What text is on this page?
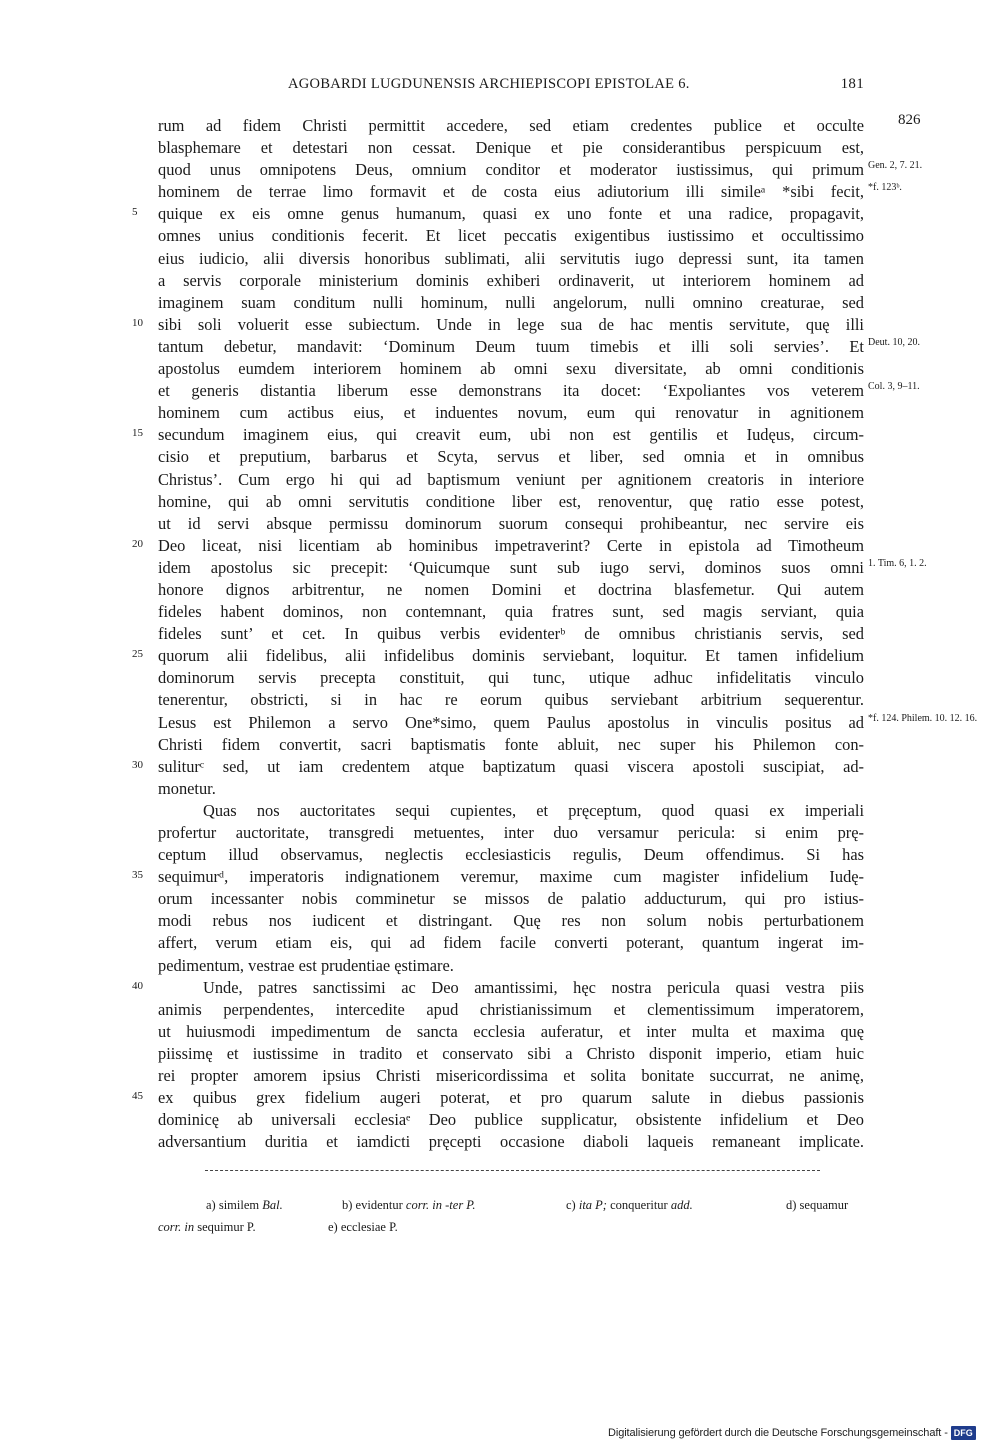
AGOBARDI LUGDUNENSIS ARCHIEPISCOPI EPISTOLAE 6.	181
rum ad fidem Christi permittit accedere, sed etiam credentes publice et occulte 826
blasphemare et detestari non cessat. Denique et pie considerantibus perspicuum est,
quod unus omnipotens Deus, omnium conditor et moderator iustissimus, qui primum Gen. 2, 7. 21.
hominem de terrae limo formavit et de costa eius adiutorium illi simileᵃ *sibi fecit, *f. 123ᵇ.
5	quique ex eis omne genus humanum, quasi ex uno fonte et una radice, propagavit,
omnes unius conditionis fecerit. Et licet peccatis exigentibus iustissimo et occultissimo
eius iudicio, alii diversis honoribus sublimati, alii servitutis iugo depressi sunt, ita tamen
a servis corporale ministerium dominis exhiberi ordinaverit, ut interiorem hominem ad
imaginem suam conditum nulli hominum, nulli angelorum, nulli omnino creaturae, sed
10 sibi soli voluerit esse subiectum. Unde in lege sua de hac mentis servitute, quę illi
tantum debetur, mandavit: ‘Dominum Deum tuum timebis et illi soli servies’. Et Deut. 10, 20.
apostolus eumdem interiorem hominem ab omni sexu diversitate, ab omni conditionis
et generis distantia liberum esse demonstrans ita docet: ‘Expoliantes vos veterem Col. 3, 9–11.
hominem cum actibus eius, et induentes novum, eum qui renovatur in agnitionem
15 secundum imaginem eius, qui creavit eum, ubi non est gentilis et Iudęus, circum-
cisio et preputium, barbarus et Scyta, servus et liber, sed omnia et in omnibus
Christus’. Cum ergo hi qui ad baptismum veniunt per agnitionem creatoris in interiore
homine, qui ab omni servitutis conditione liber est, renoventur, quę ratio esse potest,
ut id servi absque permissu dominorum suorum consequi prohibeantur, nec servire eis
20 Deo liceat, nisi licentiam ab hominibus impetraverint? Certe in epistola ad Timotheum
idem apostolus sic precepit: ‘Quicumque sunt sub iugo servi, dominos suos omni 1. Tim. 6, 1. 2.
honore dignos arbitrentur, ne nomen Domini et doctrina blasfemetur. Qui autem
fideles habent dominos, non contemnant, quia fratres sunt, sed magis serviant, quia
fideles sunt’ et cet. In quibus verbis evidenterᵇ de omnibus christianis servis, sed
25 quorum alii fidelibus, alii infidelibus dominis serviebant, loquitur. Et tamen infidelium
dominorum servis precepta constituit, qui tunc, utique adhuc infidelitatis vinculo
tenerentur, obstricti, si in hac re eorum quibus serviebant arbitrium sequerentur.
Lesus est Philemon a servo One*simo, quem Paulus apostolus in vinculis positus ad *f. 124. Philem. 10. 12. 16.
Christi fidem convertit, sacri baptismatis fonte abluit, nec super his Philemon con-
30 suliturᶜ sed, ut iam credentem atque baptizatum quasi viscera apostoli suscipiat, ad-
monetur.
Quas nos auctoritates sequi cupientes, et pręceptum, quod quasi ex imperiali
profertur auctoritate, transgredi metuentes, inter duo versamur pericula: si enim prę-
ceptum illud observamus, neglectis ecclesiasticis regulis, Deum offendimus. Si has
35 sequimurᵈ, imperatoris indignationem veremur, maxime cum magister infidelium Iudę-
orum incessanter nobis comminetur se missos de palatio adducturum, qui pro istius-
modi rebus nos iudicent et distringant. Quę res non solum nobis perturbationem
affert, verum etiam eis, qui ad fidem facile converti poterant, quantum ingerat im-
pedimentum, vestrae est prudentiae ęstimare.
40	Unde, patres sanctissimi ac Deo amantissimi, hęc nostra pericula quasi vestra piis
animis perpendentes, intercedite apud christianissimum et clementissimum imperatorem,
ut huiusmodi impedimentum de sancta ecclesia auferatur, et inter multa et maxima quę
piissimę et iustissime in tradito et conservato sibi a Christo disponit imperio, etiam huic
rei propter amorem ipsius Christi misericordissima et solita bonitate succurrat, ne animę,
45 ex quibus grex fidelium augeri poterat, et pro quarum salute in diebus passionis
dominicę ab universali ecclesiaᵉ Deo publice supplicatur, obsistente infidelium et Deo
adversantium duritia et iamdicti pręcepti occasione diaboli laqueis remaneant implicate.
a) similem Bal.	b) evidentur corr. in -ter P.	c) ita P; conqueritur add.	d) sequamur
corr. in sequimur P.	e) ecclesiae P.
Digitalisierung gefördert durch die Deutsche Forschungsgemeinschaft - DFG
